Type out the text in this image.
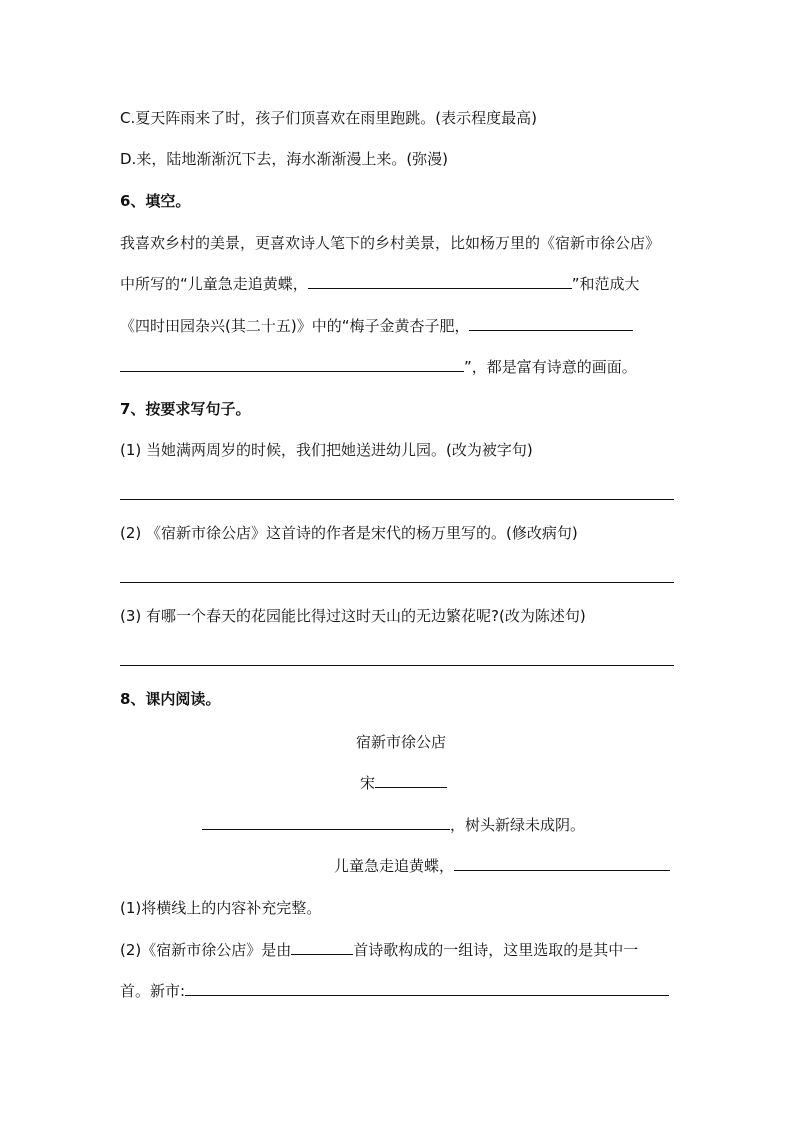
C.夏天阵雨来了时，孩子们顶喜欢在雨里跑跳。(表示程度最高)
D.来，陆地渐渐沉下去，海水渐渐漫上来。(弥漫)
6、填空。
我喜欢乡村的美景，更喜欢诗人笔下的乡村美景，比如杨万里的《宿新市徐公店》
中所写的“儿童急走追黄蝶，	”和范成大
《四时田园杂兴(其二十五)》中的“梅子金黄杏子肥，
”，都是富有诗意的画面。
7、按要求写句子。
(1) 当她满两周岁的时候，我们把她送进幼儿园。(改为被字句)
(2) 《宿新市徐公店》这首诗的作者是宋代的杨万里写的。(修改病句)
(3) 有哪一个春天的花园能比得过这时天山的无边繁花呢?(改为陈述句)
8、课内阅读。
宿新市徐公店
宋
，树头新绿未成阴。
儿童急走追黄蝶，
(1)将横线上的内容补充完整。
(2)《宿新市徐公店》是由	首诗歌构成的一组诗，这里选取的是其中一
首。新市:
